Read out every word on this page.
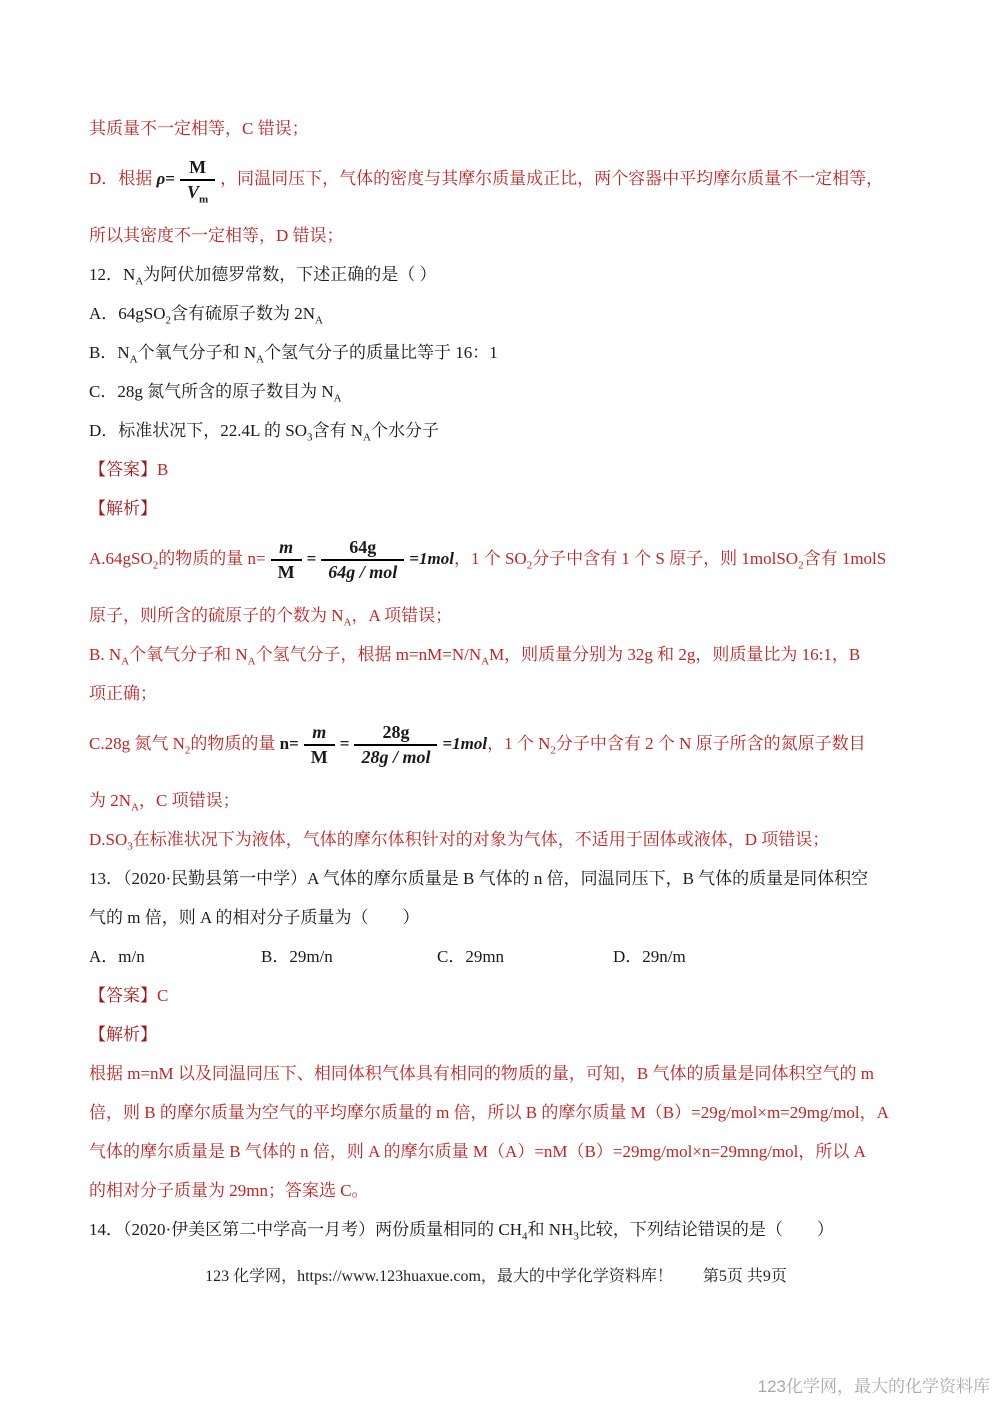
其质量不一定相等，C 错误；
D．根据 $\rho= \frac{M}{V_m}$ ，同温同压下，气体的密度与其摩尔质量成正比，两个容器中平均摩尔质量不一定相等，
所以其密度不一定相等，D 错误；
12．$N_A$为阿伏加德罗常数，下述正确的是（ ）
A．64gSO$_2$含有硫原子数为 $2N_A$
B．$N_A$个氧气分子和 $N_A$个氢气分子的质量比等于 16：1
C．28g 氮气所含的原子数目为 $N_A$
D．标准状况下，22.4L 的 $SO_3$含有 $N_A$个水分子
【答案】B
【解析】
A.64gSO$_2$的物质的量 $n= \frac{m}{M} = \frac{64g}{\text{64g / mol}} =1mol$，1 个 $SO_2$分子中含有 1 个 S 原子，则 1molSO$_2$含有 1molS
原子，则所含的硫原子的个数为 $N_A$，A 项错误；
B. $N_A$个氧气分子和 $N_A$个氢气分子，根据 $m=nM=N/N_AM$，则质量分别为 32g 和 2g，则质量比为 16:1，B
项正确；
C.28g 氮气 $N_2$的物质的量 $n= \frac{m}{M} = \frac{28g}{\text{28g / mol}} =1mol$，1 个 $N_2$分子中含有 2 个 N 原子所含的氮原子数目
为 $2N_A$，C 项错误；
$D.SO_3$在标准状况下为液体，气体的摩尔体积针对的对象为气体，不适用于固体或液体，D 项错误；
13．（2020·民勤县第一中学）A 气体的摩尔质量是 B 气体的 n 倍，同温同压下，B 气体的质量是同体积空
气的 m 倍，则 A 的相对分子质量为（　　）
A．m/n	B．29m/n	C．29mn	D．29n/m
【答案】C
【解析】
根据 m=nM 以及同温同压下、相同体积气体具有相同的物质的量，可知，B 气体的质量是同体积空气的 m
倍，则 B 的摩尔质量为空气的平均摩尔质量的 m 倍，所以 B 的摩尔质量 M（B）=29g/mol×m=29mg/mol，A
气体的摩尔质量是 B 气体的 n 倍，则 A 的摩尔质量 M（A）=nM（B）=29mg/mol×n=29mng/mol，所以 A
的相对分子质量为 29mn；答案选 C。
14．（2020·伊美区第二中学高一月考）两份质量相同的 $CH_4$和 $NH_3$比较，下列结论错误的是（　　）
123 化学网，https://www.123huaxue.com，最大的中学化学资料库！ 第5页 共9页
123化学网，最大的化学资料库
